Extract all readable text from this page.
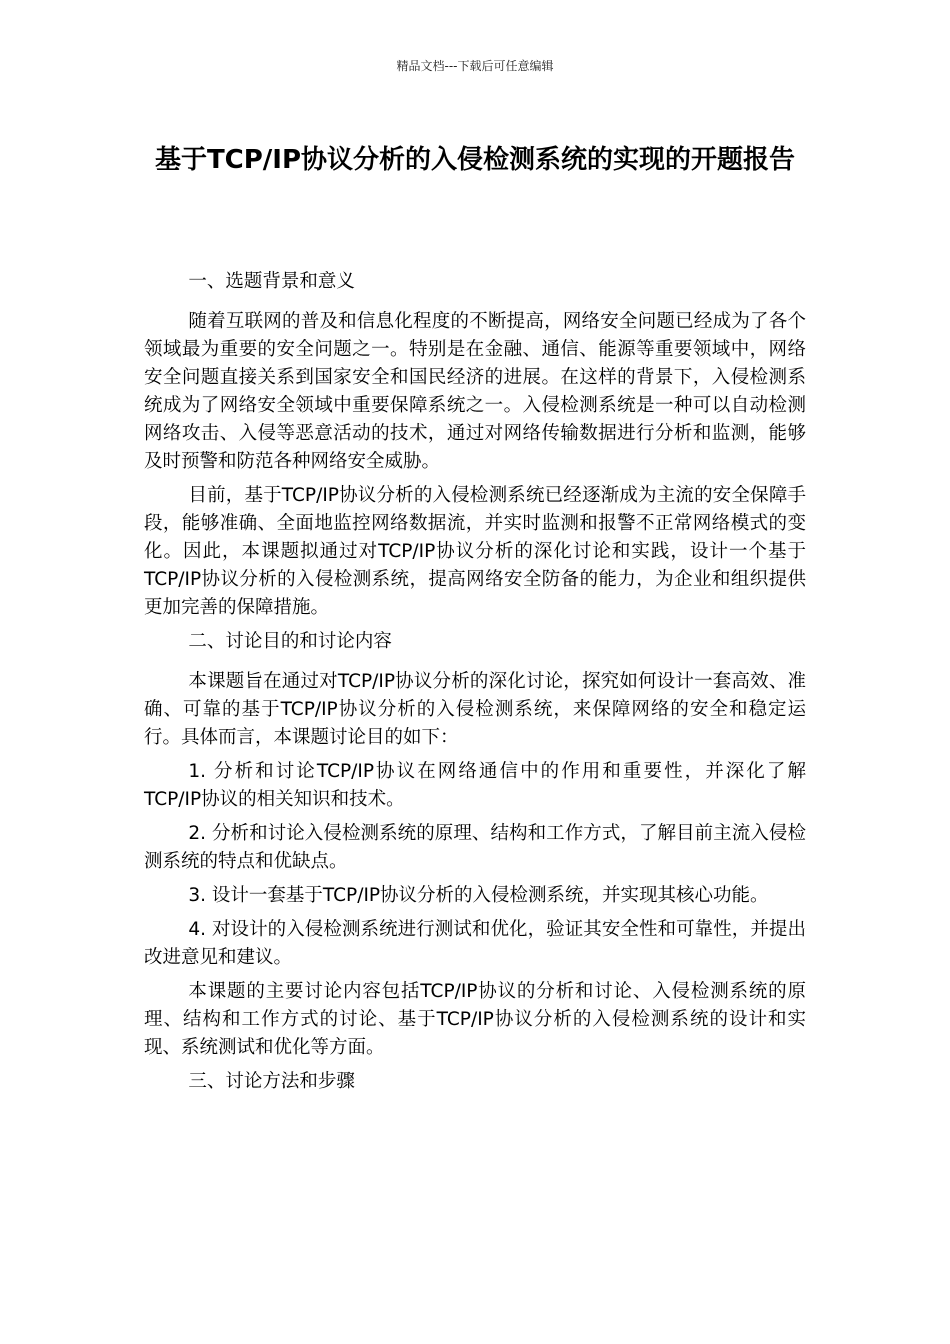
精品文档---下载后可任意编辑
基于TCP/IP协议分析的入侵检测系统的实现的开题报告

一、选题背景和意义

随着互联网的普及和信息化程度的不断提高，网络安全问题已经成为了各个领域最为重要的安全问题之一。特别是在金融、通信、能源等重要领域中，网络安全问题直接关系到国家安全和国民经济的进展。在这样的背景下，入侵检测系统成为了网络安全领域中重要保障系统之一。入侵检测系统是一种可以自动检测网络攻击、入侵等恶意活动的技术，通过对网络传输数据进行分析和监测，能够及时预警和防范各种网络安全威胁。

目前，基于TCP/IP协议分析的入侵检测系统已经逐渐成为主流的安全保障手段，能够准确、全面地监控网络数据流，并实时监测和报警不正常网络模式的变化。因此，本课题拟通过对TCP/IP协议分析的深化讨论和实践，设计一个基于TCP/IP协议分析的入侵检测系统，提高网络安全防备的能力，为企业和组织提供更加完善的保障措施。

二、讨论目的和讨论内容

本课题旨在通过对TCP/IP协议分析的深化讨论，探究如何设计一套高效、准确、可靠的基于TCP/IP协议分析的入侵检测系统，来保障网络的安全和稳定运行。具体而言，本课题讨论目的如下：

1. 分析和讨论TCP/IP协议在网络通信中的作用和重要性，并深化了解TCP/IP协议的相关知识和技术。

2. 分析和讨论入侵检测系统的原理、结构和工作方式，了解目前主流入侵检测系统的特点和优缺点。

3. 设计一套基于TCP/IP协议分析的入侵检测系统，并实现其核心功能。

4. 对设计的入侵检测系统进行测试和优化，验证其安全性和可靠性，并提出改进意见和建议。

本课题的主要讨论内容包括TCP/IP协议的分析和讨论、入侵检测系统的原理、结构和工作方式的讨论、基于TCP/IP协议分析的入侵检测系统的设计和实现、系统测试和优化等方面。

三、讨论方法和步骤
